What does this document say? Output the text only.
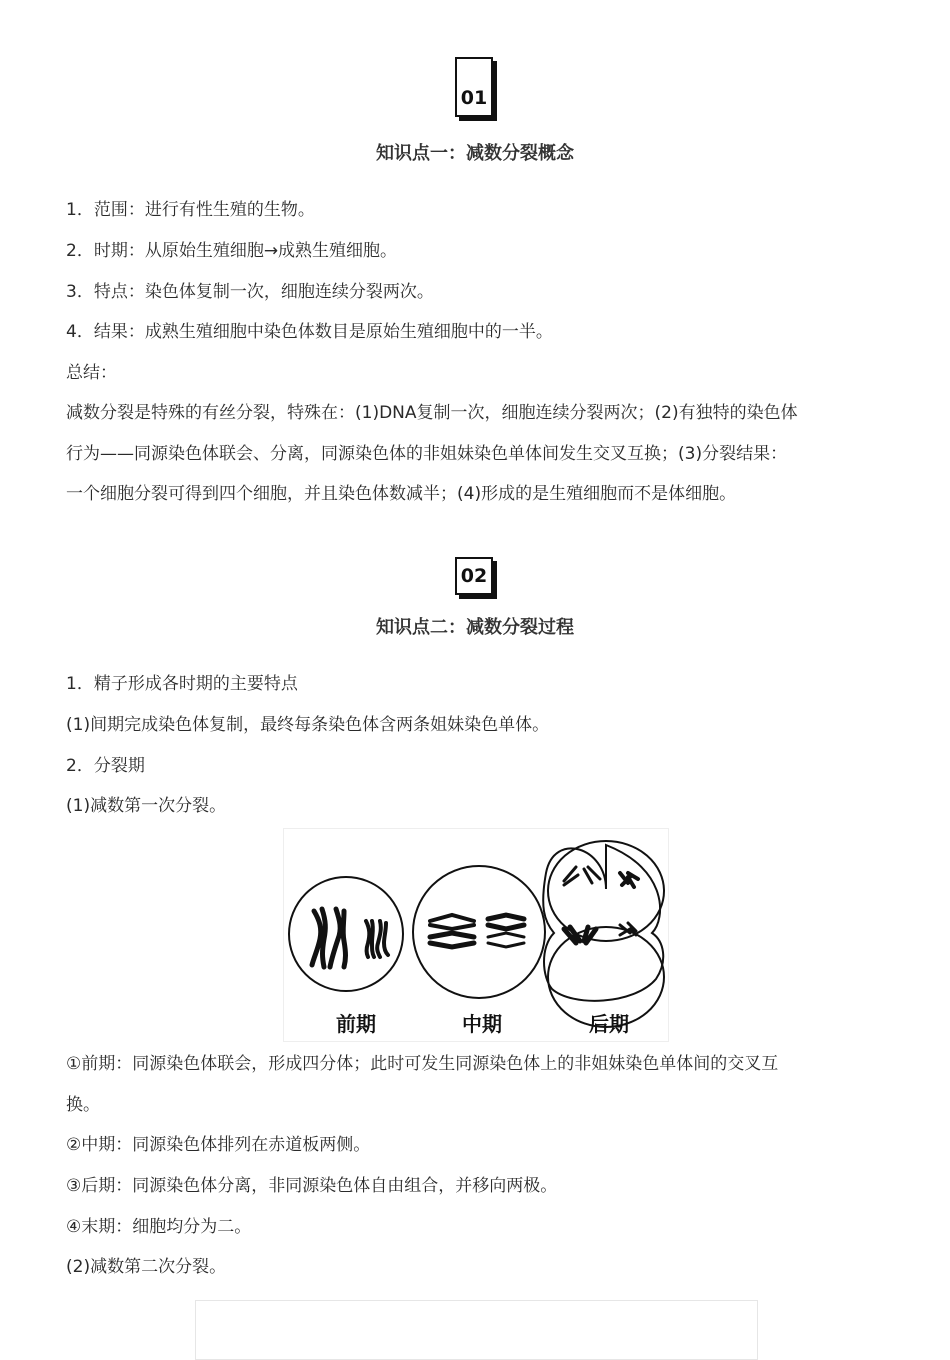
01
知识点一：减数分裂概念
1．范围：进行有性生殖的生物。
2．时期：从原始生殖细胞→成熟生殖细胞。
3．特点：染色体复制一次，细胞连续分裂两次。
4．结果：成熟生殖细胞中染色体数目是原始生殖细胞中的一半。
总结：
减数分裂是特殊的有丝分裂，特殊在：(1)DNA复制一次，细胞连续分裂两次；(2)有独特的染色体
行为——同源染色体联会、分离，同源染色体的非姐妹染色单体间发生交叉互换；(3)分裂结果：
一个细胞分裂可得到四个细胞，并且染色体数减半；(4)形成的是生殖细胞而不是体细胞。
02
知识点二：减数分裂过程
1．精子形成各时期的主要特点
(1)间期完成染色体复制，最终每条染色体含两条姐妹染色单体。
2．分裂期
(1)减数第一次分裂。
前期	中期	后期
①前期：同源染色体联会，形成四分体；此时可发生同源染色体上的非姐妹染色单体间的交叉互
换。
②中期：同源染色体排列在赤道板两侧。
③后期：同源染色体分离，非同源染色体自由组合，并移向两极。
④末期：细胞均分为二。
(2)减数第二次分裂。
